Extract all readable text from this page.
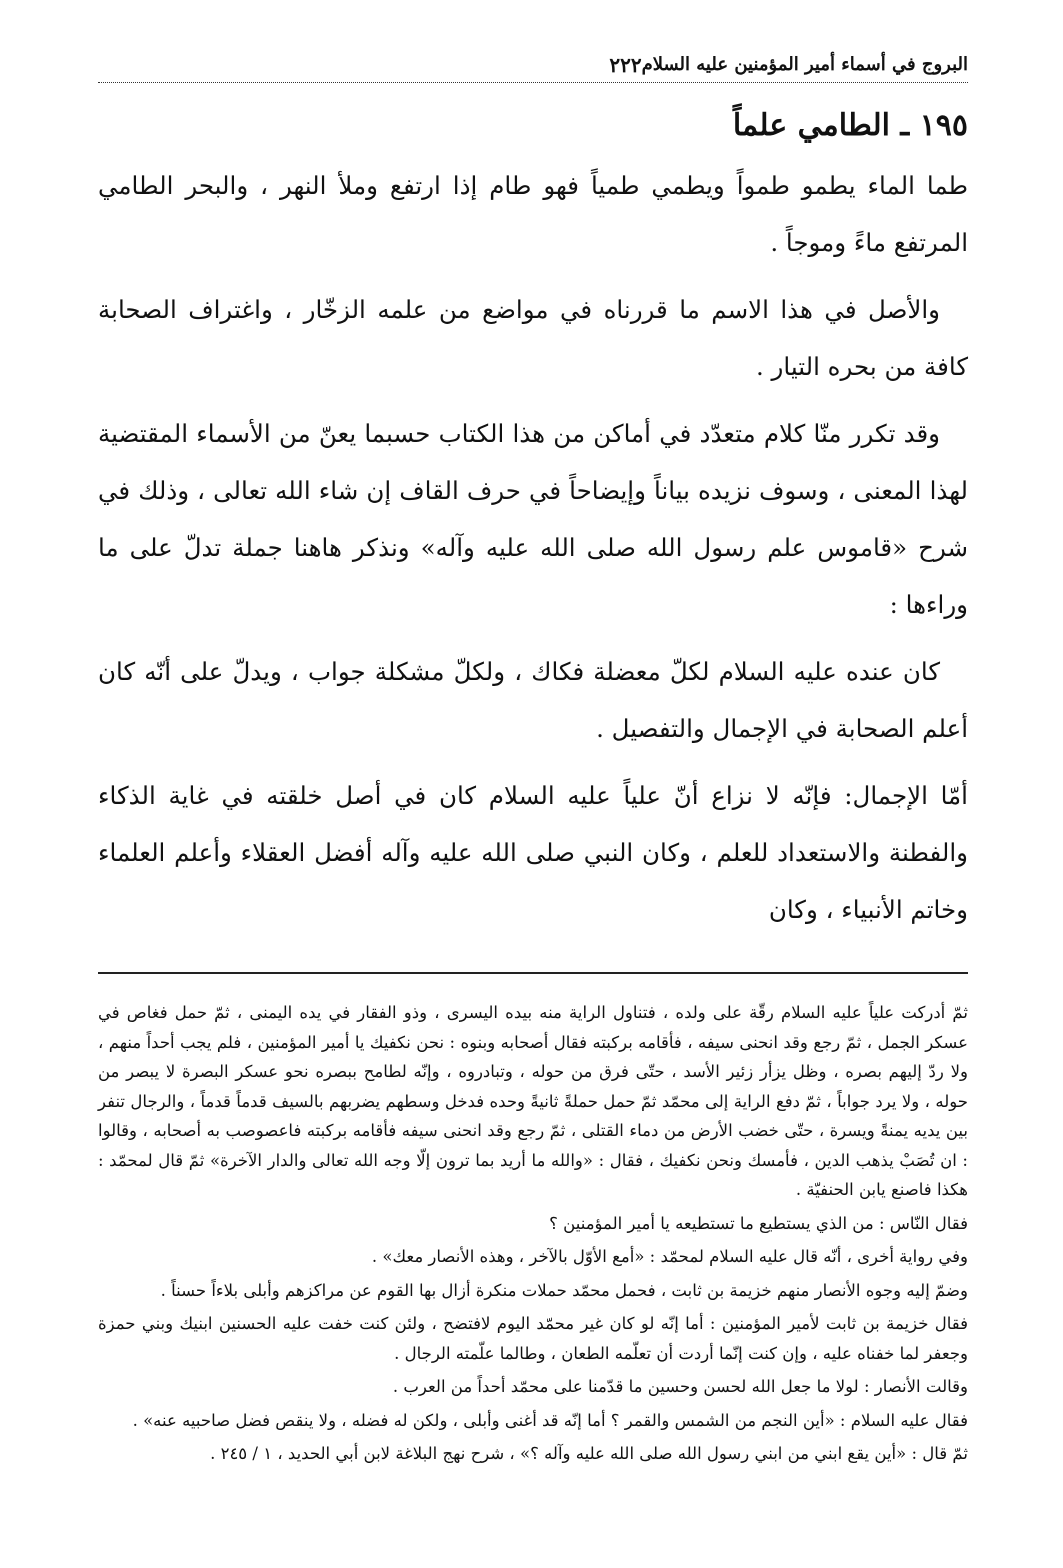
البروج في أسماء أمير المؤمنين عليه السلام
٢٢٢
١٩٥ ـ الطامي علماً

طما الماء يطمو طمواً ويطمي طمياً فهو طام إذا ارتفع وملأ النهر ، والبحر الطامي المرتفع ماءً وموجاً .

والأصل في هذا الاسم ما قررناه في مواضع من علمه الزخّار ، واغتراف الصحابة كافة من بحره التيار .

وقد تكرر منّا كلام متعدّد في أماكن من هذا الكتاب حسبما يعنّ من الأسماء المقتضية لهذا المعنى ، وسوف نزيده بياناً وإيضاحاً في حرف القاف إن شاء الله تعالى ، وذلك في شرح «قاموس علم رسول الله صلى الله عليه وآله» ونذكر هاهنا جملة تدلّ على ما وراءها :

كان عنده عليه السلام لكلّ معضلة فكاك ، ولكلّ مشكلة جواب ، ويدلّ على أنّه كان أعلم الصحابة في الإجمال والتفصيل .

أمّا الإجمال: فإنّه لا نزاع أنّ علياً عليه السلام كان في أصل خلقته في غاية الذكاء والفطنة والاستعداد للعلم ، وكان النبي صلى الله عليه وآله أفضل العقلاء وأعلم العلماء وخاتم الأنبياء ، وكان

ثمّ أدركت علياً عليه السلام رقّة على ولده ، فتناول الراية منه بيده اليسرى ، وذو الفقار في يده اليمنى ، ثمّ حمل فغاص في عسكر الجمل ، ثمّ رجع وقد انحنى سيفه ، فأقامه بركبته فقال أصحابه وبنوه : نحن نكفيك يا أمير المؤمنين ، فلم يجب أحداً منهم ، ولا ردّ إليهم بصره ، وظل يزأر زئير الأسد ، حتّى فرق من حوله ، وتبادروه ، وإنّه لطامح ببصره نحو عسكر البصرة لا يبصر من حوله ، ولا يرد جواباً ، ثمّ دفع الراية إلى محمّد ثمّ حمل حملةً ثانيةً وحده فدخل وسطهم يضربهم بالسيف قدماً قدماً ، والرجال تنفر بين يديه يمنةً ويسرة ، حتّى خضب الأرض من دماء القتلى ، ثمّ رجع وقد انحنى سيفه فأقامه بركبته فاعصوصب به أصحابه ، وقالوا : ان تُصَبْ يذهب الدين ، فأمسك ونحن نكفيك ، فقال : «والله ما أريد بما ترون إلّا وجه الله تعالى والدار الآخرة» ثمّ قال لمحمّد : هكذا فاصنع يابن الحنفيّة .

فقال النّاس : من الذي يستطيع ما تستطيعه يا أمير المؤمنين ؟

وفي رواية أخرى ، أنّه قال عليه السلام لمحمّد : «أمع الأوّل بالآخر ، وهذه الأنصار معك» .

وضمّ إليه وجوه الأنصار منهم خزيمة بن ثابت ، فحمل محمّد حملات منكرة أزال بها القوم عن مراكزهم وأبلى بلاءاً حسناً .

فقال خزيمة بن ثابت لأمير المؤمنين : أما إنّه لو كان غير محمّد اليوم لافتضح ، ولئن كنت خفت عليه الحسنين ابنيك وبني حمزة وجعفر لما خفناه عليه ، وإن كنت إنّما أردت أن تعلّمه الطعان ، وطالما علّمته الرجال .

وقالت الأنصار : لولا ما جعل الله لحسن وحسين ما قدّمنا على محمّد أحداً من العرب .

فقال عليه السلام : «أين النجم من الشمس والقمر ؟ أما إنّه قد أغنى وأبلى ، ولكن له فضله ، ولا ينقص فضل صاحبيه عنه» .

ثمّ قال : «أين يقع ابني من ابني رسول الله صلى الله عليه وآله ؟» ، شرح نهج البلاغة لابن أبي الحديد ، ١ / ٢٤٥ .
